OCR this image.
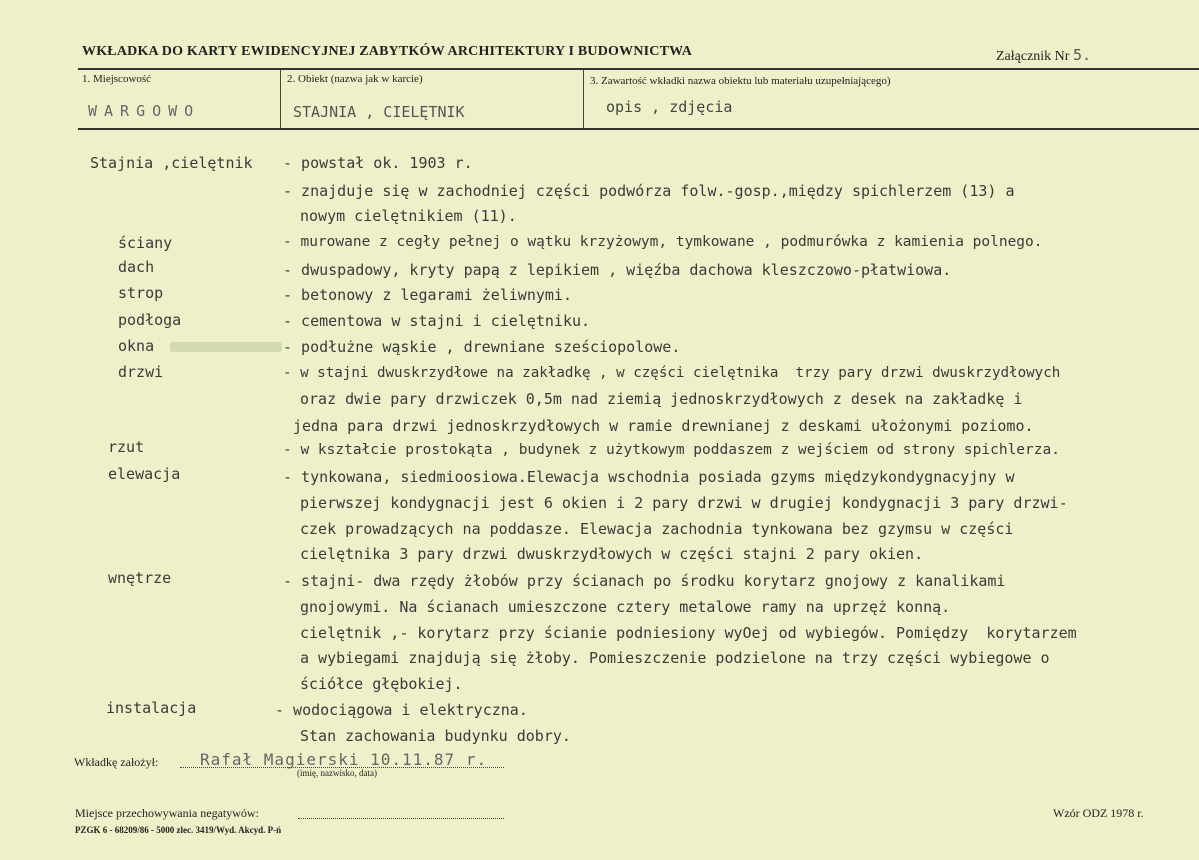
WKŁADKA DO KARTY EWIDENCYJNEJ ZABYTKÓW ARCHITEKTURY I BUDOWNICTWA	Załącznik Nr 5.
1. Miejscowość
WARGOWO
2. Obiekt (nazwa jak w karcie)
STAJNIA , CIELĘTNIK
3. Zawartość wkładki nazwa obiektu lub materiału uzupełniającego)
opis , zdjęcia
Stajnia ,cielętnik
ściany
dach
strop
podłoga
okna
drzwi
rzut
elewacja
wnętrze
instalacja
- powstał ok. 1903 r.
- znajduje się w zachodniej części podwórza folw.-gosp.,między spichlerzem (13) a
nowym cielętnikiem (11).
- murowane z cegły pełnej o wątku krzyżowym, tymkowane , podmurówka z kamienia polnego.
- dwuspadowy, kryty papą z lepikiem , więźba dachowa kleszczowo-płatwiowa.
- betonowy z legarami żeliwnymi.
- cementowa w stajni i cielętniku.
- podłużne wąskie , drewniane sześciopolowe.
- w stajni dwuskrzydłowe na zakładkę , w części cielętnika  trzy pary drzwi dwuskrzydłowych
oraz dwie pary drzwiczek 0,5m nad ziemią jednoskrzydłowych z desek na zakładkę i
jedna para drzwi jednoskrzydłowych w ramie drewnianej z deskami ułożonymi poziomo.
- w kształcie prostokąta , budynek z użytkowym poddaszem z wejściem od strony spichlerza.
- tynkowana, siedmioosiowa.Elewacja wschodnia posiada gzyms międzykondygnacyjny w
pierwszej kondygnacji jest 6 okien i 2 pary drzwi w drugiej kondygnacji 3 pary drzwi-
czek prowadzących na poddasze. Elewacja zachodnia tynkowana bez gzymsu w części
cielętnika 3 pary drzwi dwuskrzydłowych w części stajni 2 pary okien.
- stajni- dwa rzędy żłobów przy ścianach po środku korytarz gnojowy z kanalikami
gnojowymi. Na ścianach umieszczone cztery metalowe ramy na uprzęż konną.
cielętnik ,- korytarz przy ścianie podniesiony wyOej od wybiegów. Pomiędzy  korytarzem
a wybiegami znajdują się żłoby. Pomieszczenie podzielone na trzy części wybiegowe o
ściółce głębokiej.
- wodociągowa i elektryczna.
Stan zachowania budynku dobry.
Wkładkę założył:	Rafał Magierski 10.11.87 r.
(imię, nazwisko, data)
Miejsce przechowywania negatywów:
PZGK 6 - 68209/86 - 5000 zlec. 3419/Wyd. Akcyd. P-ń
Wzór ODZ 1978 r.
